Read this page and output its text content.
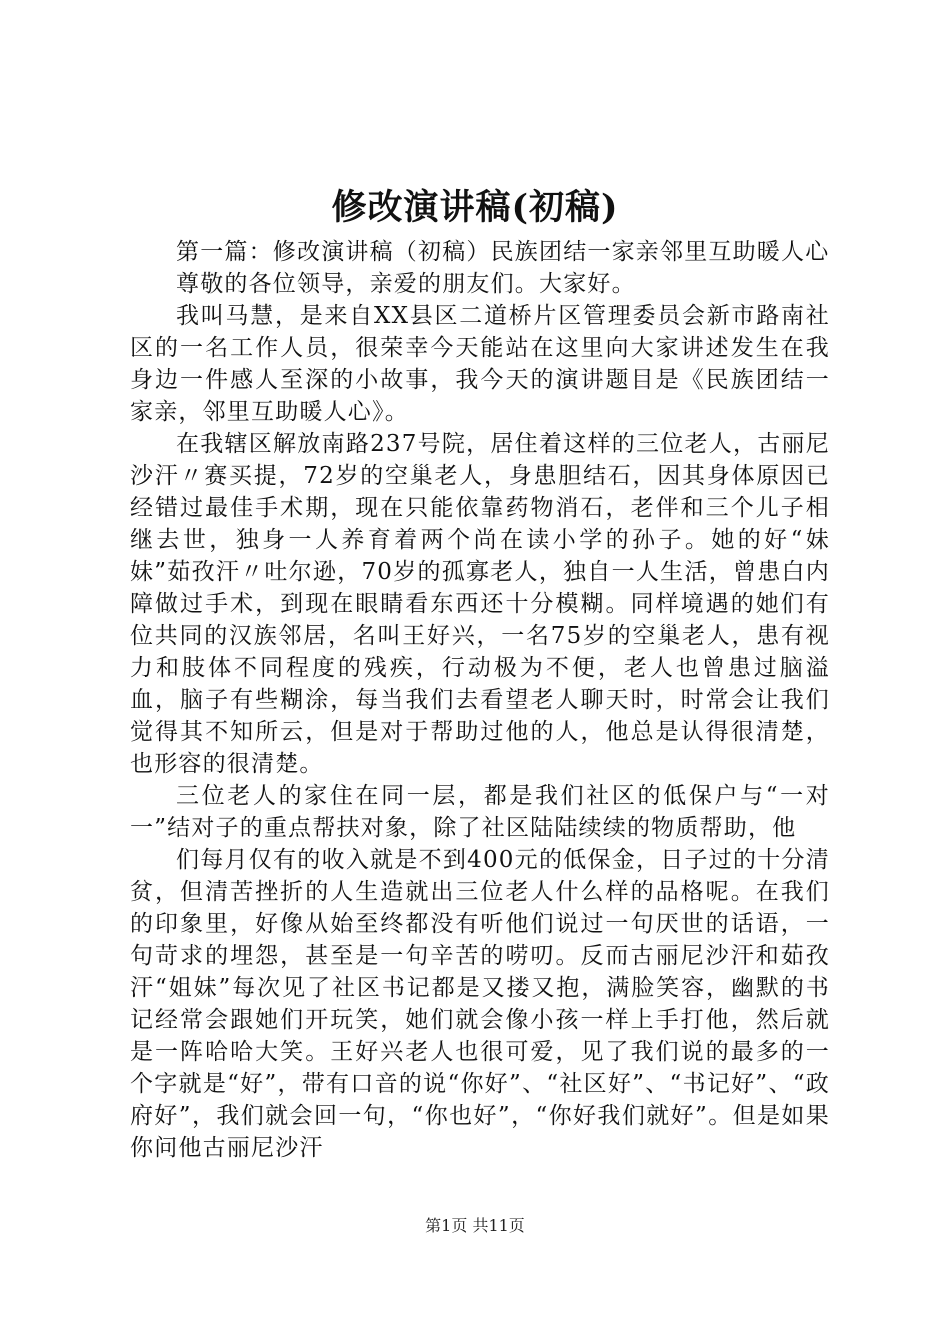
修改演讲稿(初稿)

第一篇：修改演讲稿（初稿）民族团结一家亲邻里互助暖人心

尊敬的各位领导，亲爱的朋友们。大家好。

我叫马慧，是来自XX县区二道桥片区管理委员会新市路南社区的一名工作人员，很荣幸今天能站在这里向大家讲述发生在我身边一件感人至深的小故事，我今天的演讲题目是《民族团结一家亲，邻里互助暖人心》。

在我辖区解放南路237号院，居住着这样的三位老人，古丽尼沙汗〃赛买提，72岁的空巢老人，身患胆结石，因其身体原因已经错过最佳手术期，现在只能依靠药物消石，老伴和三个儿子相继去世，独身一人养育着两个尚在读小学的孙子。她的好“妹妹”茹孜汗〃吐尔逊，70岁的孤寡老人，独自一人生活，曾患白内障做过手术，到现在眼睛看东西还十分模糊。同样境遇的她们有位共同的汉族邻居，名叫王好兴，一名75岁的空巢老人，患有视力和肢体不同程度的残疾，行动极为不便，老人也曾患过脑溢血，脑子有些糊涂，每当我们去看望老人聊天时，时常会让我们觉得其不知所云，但是对于帮助过他的人，他总是认得很清楚，也形容的很清楚。

三位老人的家住在同一层，都是我们社区的低保户与“一对一”结对子的重点帮扶对象，除了社区陆陆续续的物质帮助，他

们每月仅有的收入就是不到400元的低保金，日子过的十分清贫，但清苦挫折的人生造就出三位老人什么样的品格呢。在我们的印象里，好像从始至终都没有听他们说过一句厌世的话语，一句苛求的埋怨，甚至是一句辛苦的唠叨。反而古丽尼沙汗和茹孜汗“姐妹”每次见了社区书记都是又搂又抱，满脸笑容，幽默的书记经常会跟她们开玩笑，她们就会像小孩一样上手打他，然后就是一阵哈哈大笑。王好兴老人也很可爱，见了我们说的最多的一个字就是“好”，带有口音的说“你好”、“社区好”、“书记好”、“政府好”，我们就会回一句，“你也好”，“你好我们就好”。但是如果你问他古丽尼沙汗

第1页 共11页
